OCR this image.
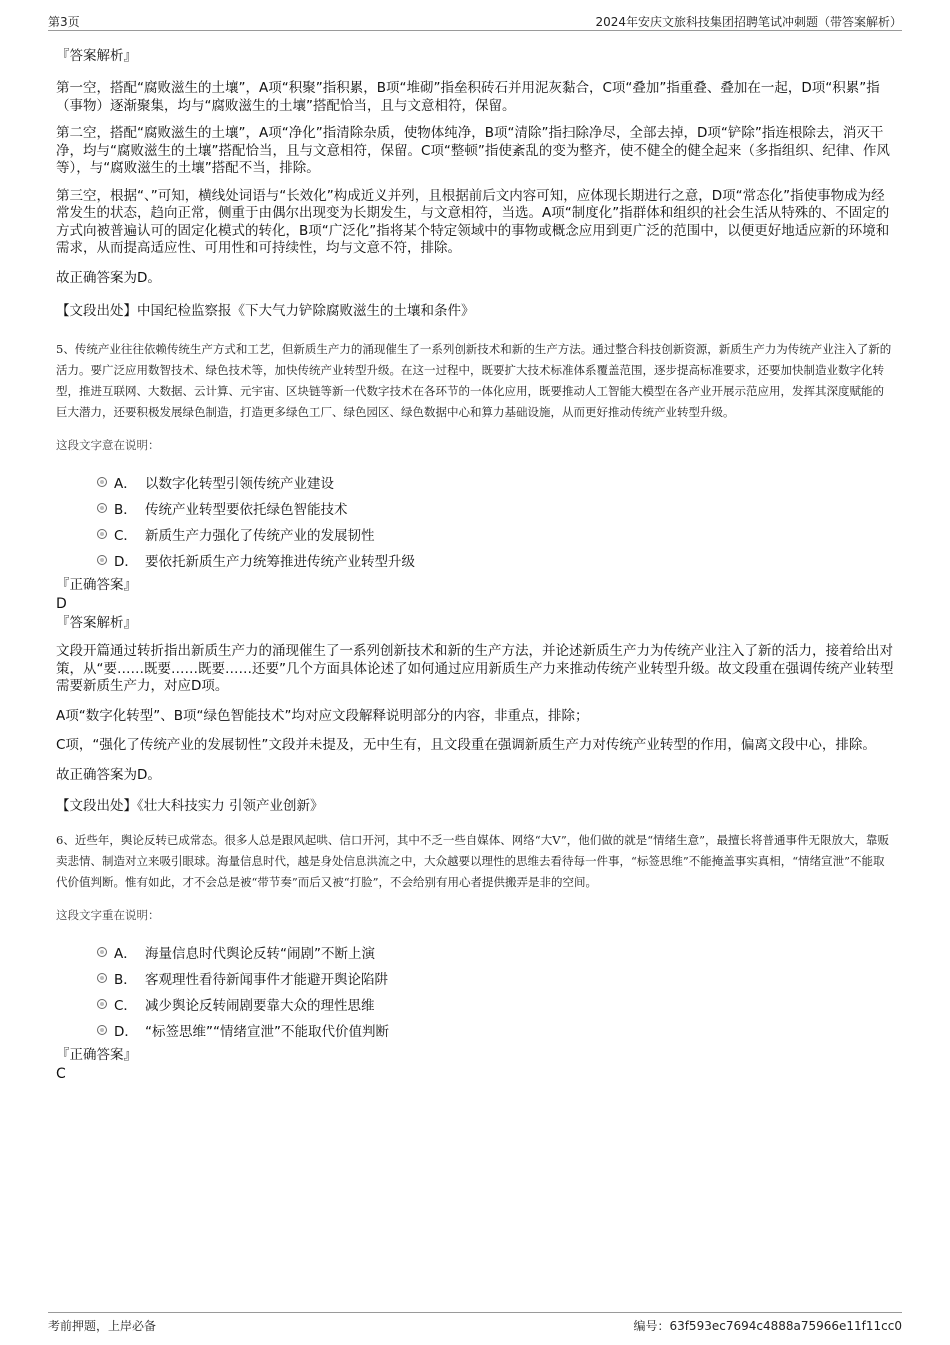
第3页	2024年安庆文旅科技集团招聘笔试冲刺题（带答案解析）

『答案解析』

第一空，搭配“腐败滋生的土壤”，A项“积聚”指积累，B项“堆砌”指垒积砖石并用泥灰黏合，C项“叠加”指重叠、叠加在一起，D项“积累”指（事物）逐渐聚集，均与“腐败滋生的土壤”搭配恰当，且与文意相符，保留。

第二空，搭配“腐败滋生的土壤”，A项“净化”指清除杂质，使物体纯净，B项“清除”指扫除净尽，全部去掉，D项“铲除”指连根除去，消灭干净，均与“腐败滋生的土壤”搭配恰当，且与文意相符，保留。C项“整顿”指使紊乱的变为整齐，使不健全的健全起来（多指组织、纪律、作风等），与“腐败滋生的土壤”搭配不当，排除。

第三空，根据“、”可知，横线处词语与“长效化”构成近义并列，且根据前后文内容可知，应体现长期进行之意，D项“常态化”指使事物成为经常发生的状态，趋向正常，侧重于由偶尔出现变为长期发生，与文意相符，当选。A项“制度化”指群体和组织的社会生活从特殊的、不固定的方式向被普遍认可的固定化模式的转化，B项“广泛化”指将某个特定领域中的事物或概念应用到更广泛的范围中，以便更好地适应新的环境和需求，从而提高适应性、可用性和可持续性，均与文意不符，排除。

故正确答案为D。

【文段出处】中国纪检监察报《下大气力铲除腐败滋生的土壤和条件》

5、传统产业往往依赖传统生产方式和工艺，但新质生产力的涌现催生了一系列创新技术和新的生产方法。通过整合科技创新资源，新质生产力为传统产业注入了新的活力。要广泛应用数智技术、绿色技术等，加快传统产业转型升级。在这一过程中，既要扩大技术标准体系覆盖范围，逐步提高标准要求，还要加快制造业数字化转型，推进互联网、大数据、云计算、元宇宙、区块链等新一代数字技术在各环节的一体化应用，既要推动人工智能大模型在各产业开展示范应用，发挥其深度赋能的巨大潜力，还要积极发展绿色制造，打造更多绿色工厂、绿色园区、绿色数据中心和算力基础设施，从而更好推动传统产业转型升级。

这段文字意在说明：

A． 以数字化转型引领传统产业建设
B． 传统产业转型要依托绿色智能技术
C． 新质生产力强化了传统产业的发展韧性
D． 要依托新质生产力统筹推进传统产业转型升级

『正确答案』

D

『答案解析』

文段开篇通过转折指出新质生产力的涌现催生了一系列创新技术和新的生产方法，并论述新质生产力为传统产业注入了新的活力，接着给出对策，从“要……既要……既要……还要”几个方面具体论述了如何通过应用新质生产力来推动传统产业转型升级。故文段重在强调传统产业转型需要新质生产力，对应D项。

A项“数字化转型”、B项“绿色智能技术”均对应文段解释说明部分的内容，非重点，排除；

C项，“强化了传统产业的发展韧性”文段并未提及，无中生有，且文段重在强调新质生产力对传统产业转型的作用，偏离文段中心，排除。

故正确答案为D。

【文段出处】《壮大科技实力 引领产业创新》

6、近些年，舆论反转已成常态。很多人总是跟风起哄、信口开河，其中不乏一些自媒体、网络“大V”，他们做的就是“情绪生意”，最擅长将普通事件无限放大，靠贩卖悲情、制造对立来吸引眼球。海量信息时代，越是身处信息洪流之中，大众越要以理性的思维去看待每一件事，“标签思维”不能掩盖事实真相，“情绪宣泄”不能取代价值判断。惟有如此，才不会总是被“带节奏”而后又被“打脸”，不会给别有用心者提供搬弄是非的空间。

这段文字重在说明：

A． 海量信息时代舆论反转“闹剧”不断上演
B． 客观理性看待新闻事件才能避开舆论陷阱
C． 减少舆论反转闹剧要靠大众的理性思维
D． “标签思维”“情绪宣泄”不能取代价值判断

『正确答案』

C

考前押题，上岸必备	编号：63f593ec7694c4888a75966e11f11cc0
